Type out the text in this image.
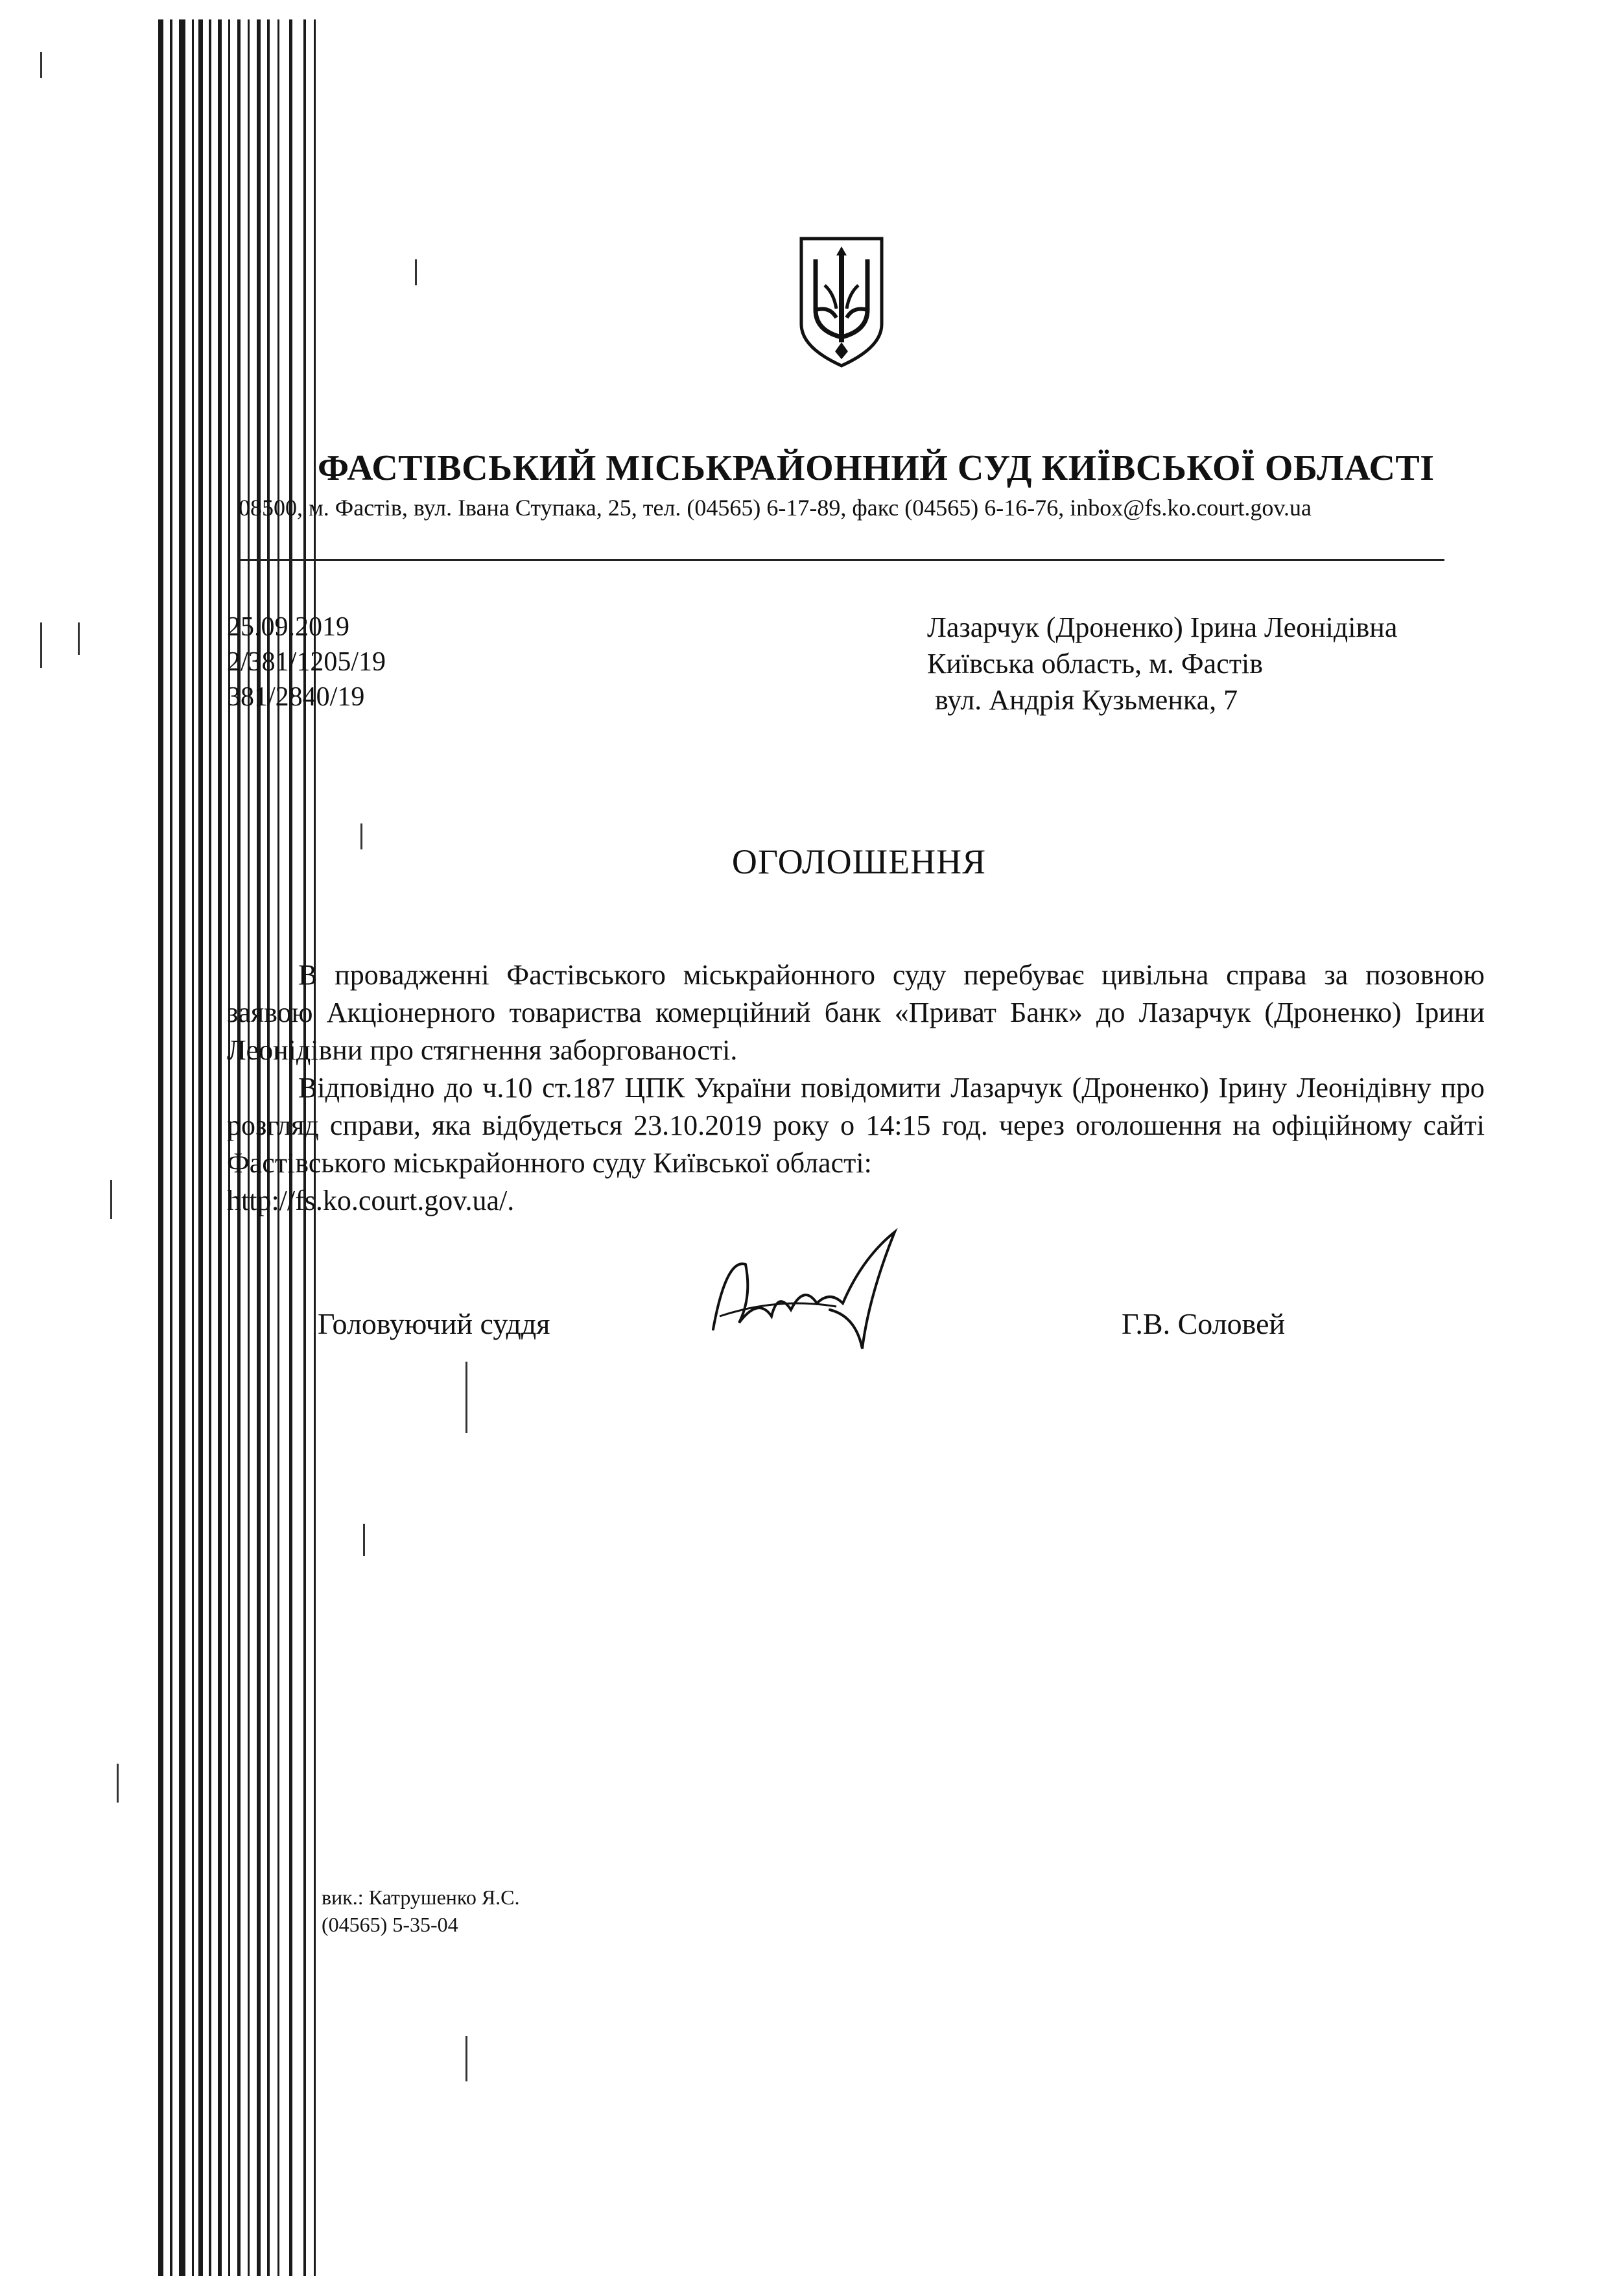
ФАСТІВСЬКИЙ МІСЬКРАЙОННИЙ СУД КИЇВСЬКОЇ ОБЛАСТІ
08500, м. Фастів, вул. Івана Ступака, 25, тел. (04565) 6-17-89, факс (04565) 6-16-76, inbox@fs.ko.court.gov.ua
25.09.2019
2/381/1205/19
381/2840/19
Лазарчук (Дроненко) Ірина Леонідівна
Київська область, м. Фастів
вул. Андрія Кузьменка, 7
ОГОЛОШЕННЯ

В провадженні Фастівського міськрайонного суду перебуває цивільна справа за позовною заявою Акціонерного товариства комерційний банк «Приват Банк» до Лазарчук (Дроненко) Ірини Леонідівни про стягнення заборгованості.

Відповідно до ч.10 ст.187 ЦПК України повідомити Лазарчук (Дроненко) Ірину Леонідівну про розгляд справи, яка відбудеться 23.10.2019 року о 14:15 год. через оголошення на офіційному сайті Фастівського міськрайонного суду Київської області:

http://fs.ko.court.gov.ua/.

Головуючий суддя	Г.В. Соловей
вик.: Катрушенко Я.С.
(04565) 5-35-04
